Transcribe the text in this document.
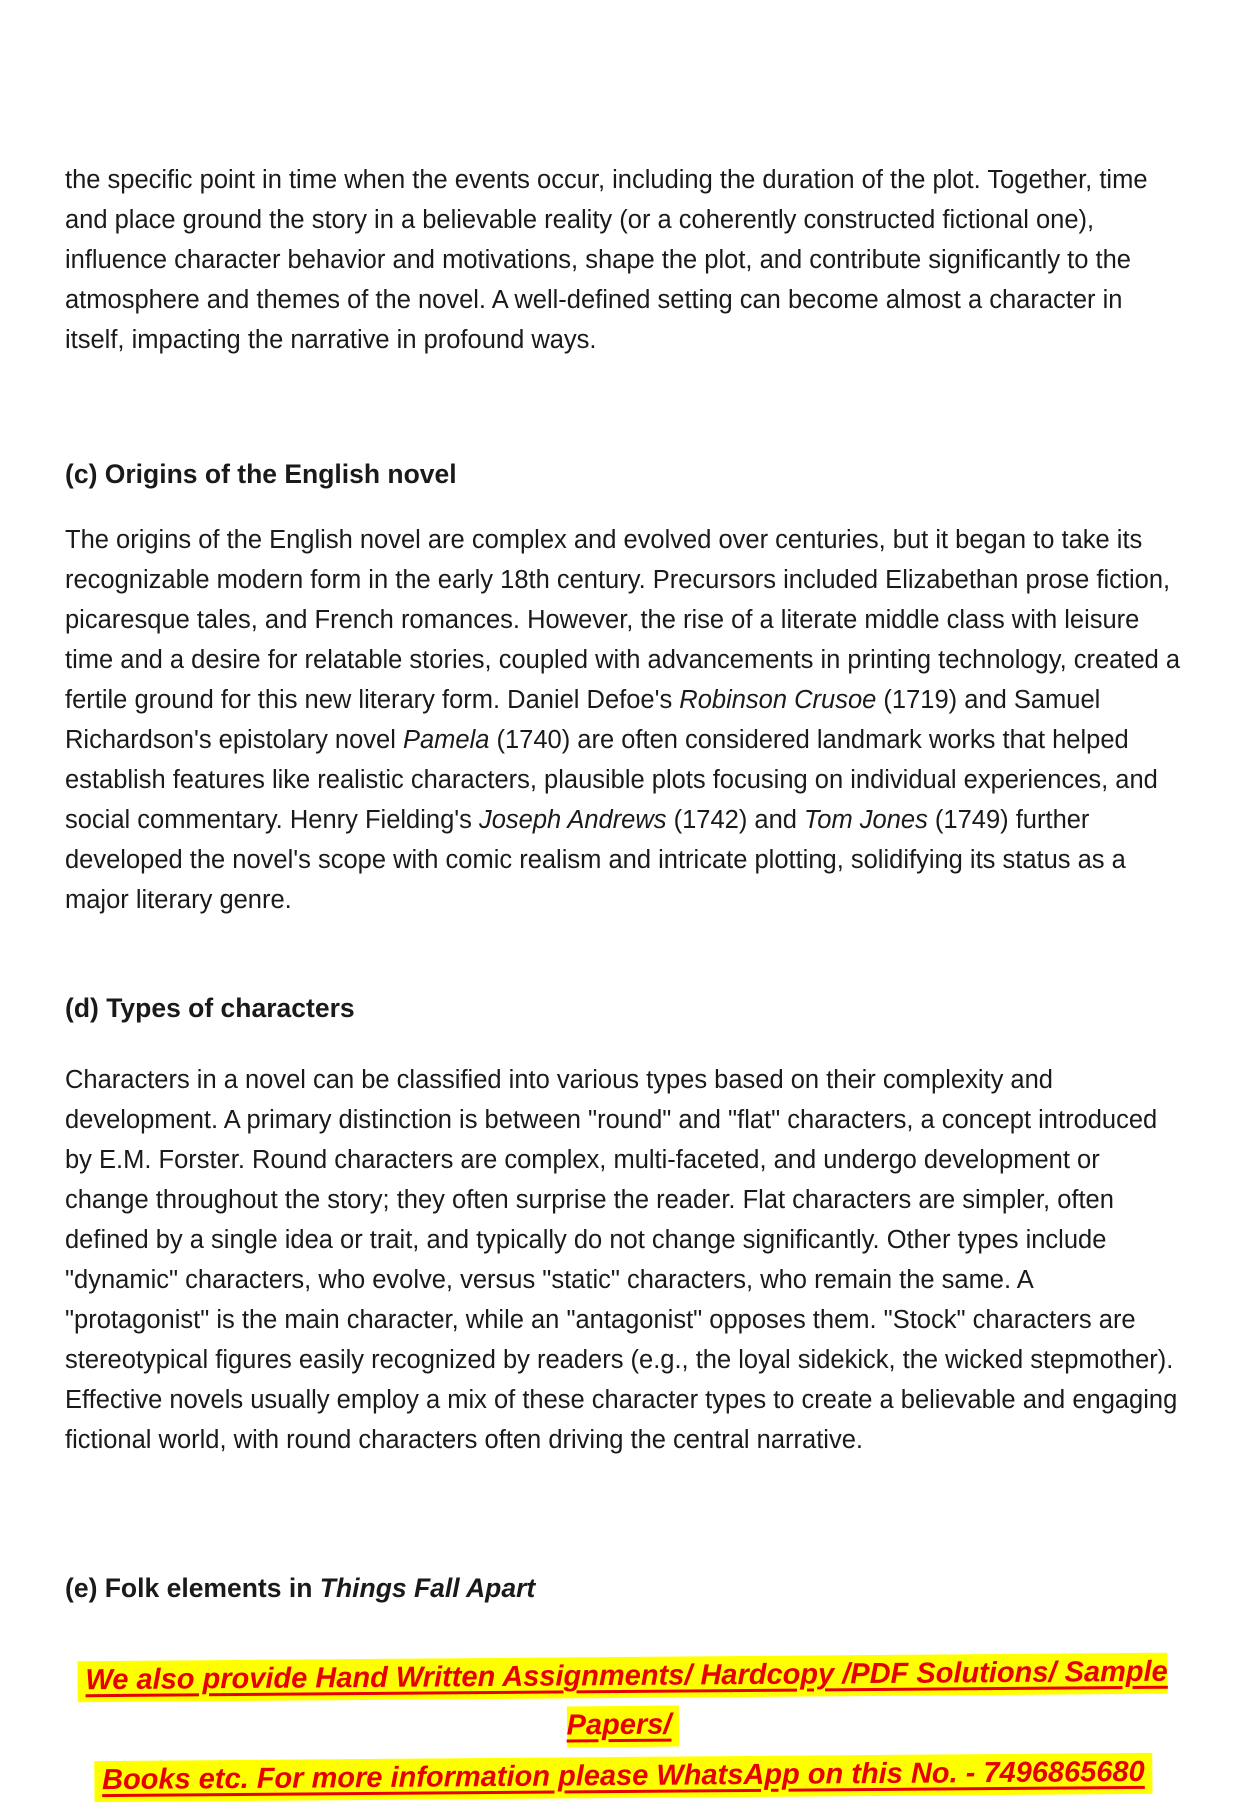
the specific point in time when the events occur, including the duration of the plot. Together, time and place ground the story in a believable reality (or a coherently constructed fictional one), influence character behavior and motivations, shape the plot, and contribute significantly to the atmosphere and themes of the novel. A well-defined setting can become almost a character in itself, impacting the narrative in profound ways.

(c) Origins of the English novel

The origins of the English novel are complex and evolved over centuries, but it began to take its recognizable modern form in the early 18th century. Precursors included Elizabethan prose fiction, picaresque tales, and French romances. However, the rise of a literate middle class with leisure time and a desire for relatable stories, coupled with advancements in printing technology, created a fertile ground for this new literary form. Daniel Defoe's Robinson Crusoe (1719) and Samuel Richardson's epistolary novel Pamela (1740) are often considered landmark works that helped establish features like realistic characters, plausible plots focusing on individual experiences, and social commentary. Henry Fielding's Joseph Andrews (1742) and Tom Jones (1749) further developed the novel's scope with comic realism and intricate plotting, solidifying its status as a major literary genre.

(d) Types of characters

Characters in a novel can be classified into various types based on their complexity and development. A primary distinction is between "round" and "flat" characters, a concept introduced by E.M. Forster. Round characters are complex, multi-faceted, and undergo development or change throughout the story; they often surprise the reader. Flat characters are simpler, often defined by a single idea or trait, and typically do not change significantly. Other types include "dynamic" characters, who evolve, versus "static" characters, who remain the same. A "protagonist" is the main character, while an "antagonist" opposes them. "Stock" characters are stereotypical figures easily recognized by readers (e.g., the loyal sidekick, the wicked stepmother). Effective novels usually employ a mix of these character types to create a believable and engaging fictional world, with round characters often driving the central narrative.

(e) Folk elements in Things Fall Apart
We also provide Hand Written Assignments/ Hardcopy /PDF Solutions/ Sample Papers/
Books etc. For more information please WhatsApp on this No. - 7496865680
